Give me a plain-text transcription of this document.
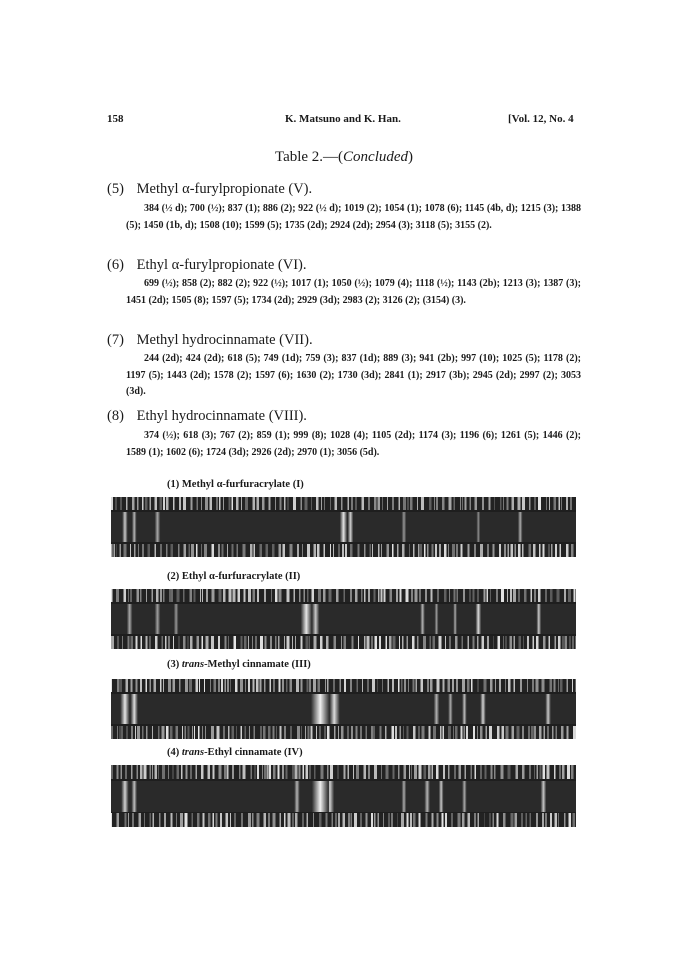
158	K. Matsuno and K. Han.	[Vol. 12, No. 4
Table 2.—(Concluded)
(5) Methyl α-furylpropionate (V).
384 (½ d); 700 (½); 837 (1); 886 (2); 922 (½ d); 1019 (2); 1054 (1); 1078 (6); 1145 (4b, d); 1215 (3); 1388 (5); 1450 (1b, d); 1508 (10); 1599 (5); 1735 (2d); 2924 (2d); 2954 (3); 3118 (5); 3155 (2).
(6) Ethyl α-furylpropionate (VI).
699 (½); 858 (2); 882 (2); 922 (½); 1017 (1); 1050 (½); 1079 (4); 1118 (½); 1143 (2b); 1213 (3); 1387 (3); 1451 (2d); 1505 (8); 1597 (5); 1734 (2d); 2929 (3d); 2983 (2); 3126 (2); (3154) (3).
(7) Methyl hydrocinnamate (VII).
244 (2d); 424 (2d); 618 (5); 749 (1d); 759 (3); 837 (1d); 889 (3); 941 (2b); 997 (10); 1025 (5); 1178 (2); 1197 (5); 1443 (2d); 1578 (2); 1597 (6); 1630 (2); 1730 (3d); 2841 (1); 2917 (3b); 2945 (2d); 2997 (2); 3053 (3d).
(8) Ethyl hydrocinnamate (VIII).
374 (½); 618 (3); 767 (2); 859 (1); 999 (8); 1028 (4); 1105 (2d); 1174 (3); 1196 (6); 1261 (5); 1446 (2); 1589 (1); 1602 (6); 1724 (3d); 2926 (2d); 2970 (1); 3056 (5d).
(1) Methyl α-furfuracrylate (I)
(2) Ethyl α-furfuracrylate (II)
(3) trans-Methyl cinnamate (III)
(4) trans-Ethyl cinnamate (IV)
